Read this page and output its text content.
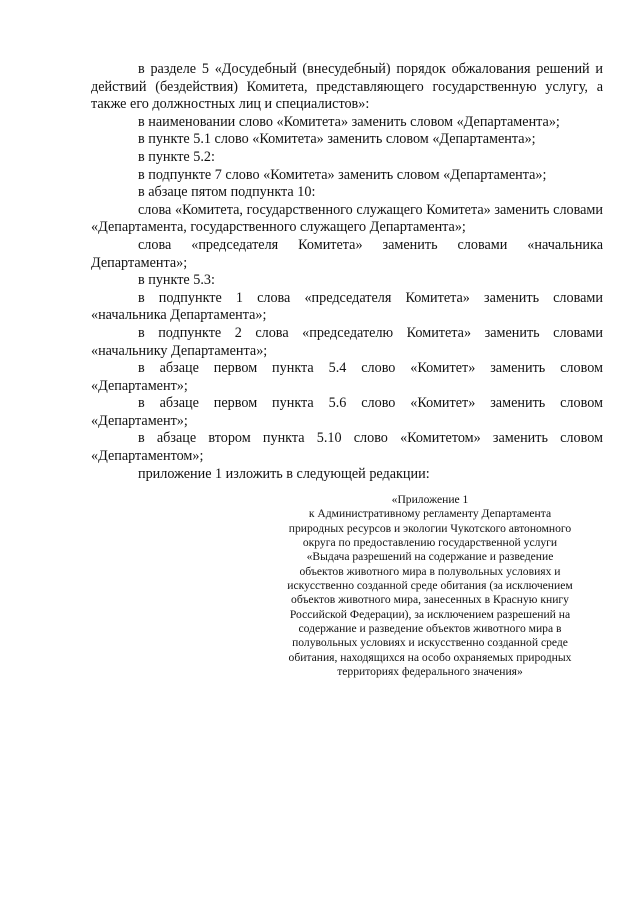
в разделе 5 «Досудебный (внесудебный) порядок обжалования решений и действий (бездействия) Комитета, представляющего государственную услугу, а также его должностных лиц и специалистов»:

в наименовании слово «Комитета» заменить словом «Департамента»;

в пункте 5.1 слово «Комитета» заменить словом «Департамента»;

в пункте 5.2:

в подпункте 7 слово «Комитета» заменить словом «Департамента»;

в абзаце пятом подпункта 10:

слова «Комитета, государственного служащего Комитета» заменить словами «Департамента, государственного служащего Департамента»;

слова «председателя Комитета» заменить словами «начальника Департамента»;

в пункте 5.3:

в подпункте 1 слова «председателя Комитета» заменить словами «начальника Департамента»;

в подпункте 2 слова «председателю Комитета» заменить словами «начальнику Департамента»;

в абзаце первом пункта 5.4 слово «Комитет» заменить словом «Департамент»;

в абзаце первом пункта 5.6 слово «Комитет» заменить словом «Департамент»;

в абзаце втором пункта 5.10 слово «Комитетом» заменить словом «Департаментом»;

приложение 1 изложить в следующей редакции:

«Приложение 1
к Административному регламенту Департамента
природных ресурсов и экологии Чукотского автономного
округа по предоставлению государственной услуги
«Выдача разрешений на содержание и разведение
объектов животного мира в полувольных условиях и
искусственно созданной среде обитания (за исключением
объектов животного мира, занесенных в Красную книгу
Российской Федерации), за исключением разрешений на
содержание и разведение объектов животного мира в
полувольных условиях и искусственно созданной среде
обитания, находящихся на особо охраняемых природных
территориях федерального значения»
